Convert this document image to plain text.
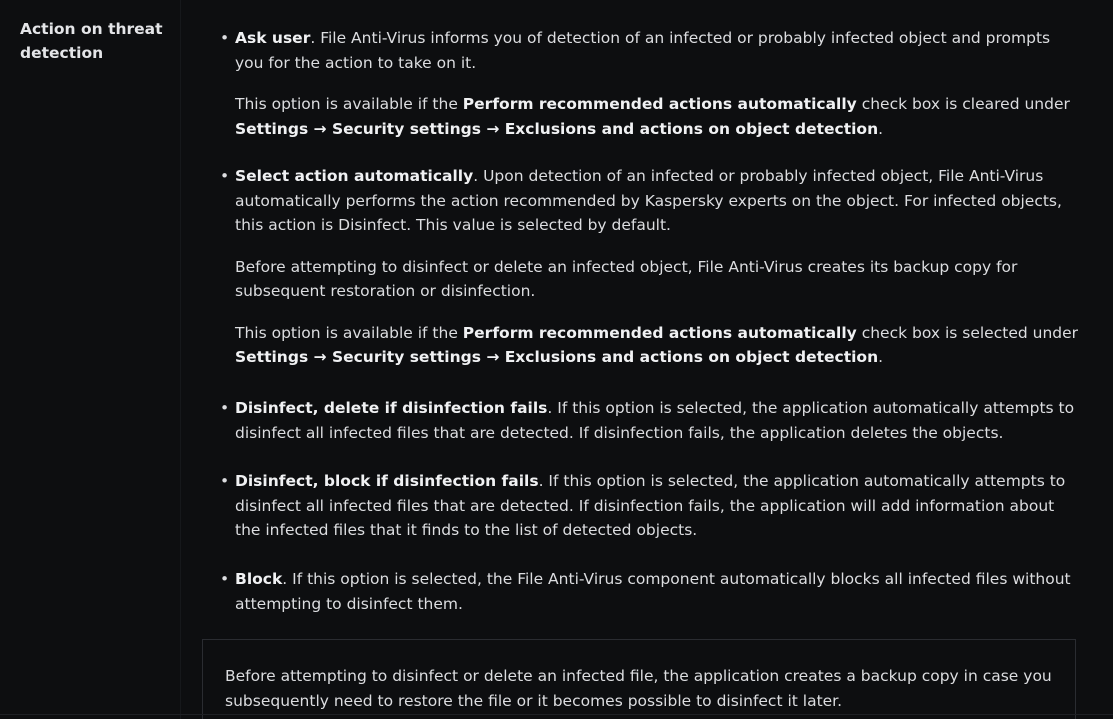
Action on threat detection
• Ask user. File Anti-Virus informs you of detection of an infected or probably infected object and prompts you for the action to take on it.

This option is available if the Perform recommended actions automatically check box is cleared under Settings → Security settings → Exclusions and actions on object detection.

• Select action automatically. Upon detection of an infected or probably infected object, File Anti-Virus automatically performs the action recommended by Kaspersky experts on the object. For infected objects, this action is Disinfect. This value is selected by default.

Before attempting to disinfect or delete an infected object, File Anti-Virus creates its backup copy for subsequent restoration or disinfection.

This option is available if the Perform recommended actions automatically check box is selected under Settings → Security settings → Exclusions and actions on object detection.

• Disinfect, delete if disinfection fails. If this option is selected, the application automatically attempts to disinfect all infected files that are detected. If disinfection fails, the application deletes the objects.

• Disinfect, block if disinfection fails. If this option is selected, the application automatically attempts to disinfect all infected files that are detected. If disinfection fails, the application will add information about the infected files that it finds to the list of detected objects.

• Block. If this option is selected, the File Anti-Virus component automatically blocks all infected files without attempting to disinfect them.

Before attempting to disinfect or delete an infected file, the application creates a backup copy in case you subsequently need to restore the file or it becomes possible to disinfect it later.
